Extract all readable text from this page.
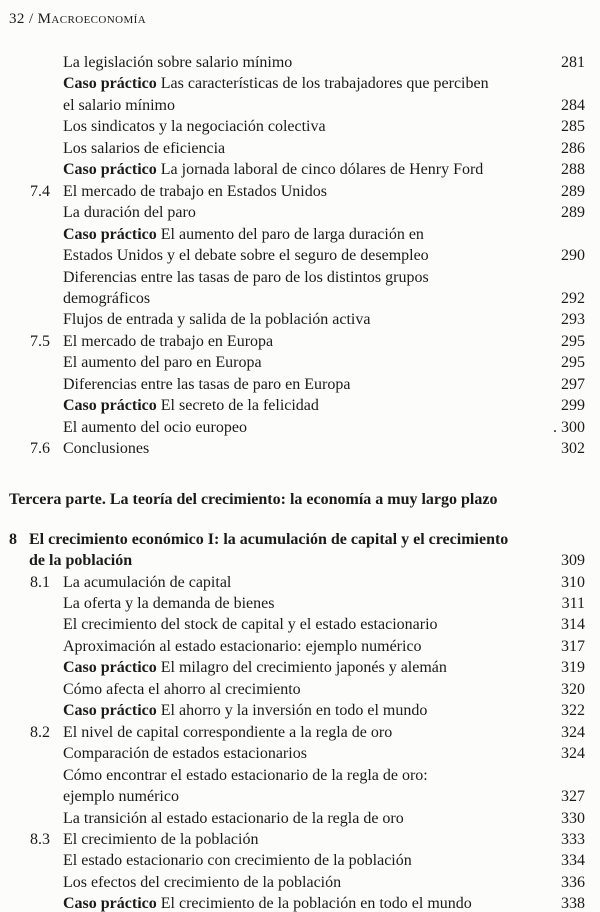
32 / Macroeconomía
La legislación sobre salario mínimo	281
Caso práctico Las características de los trabajadores que perciben
el salario mínimo	284
Los sindicatos y la negociación colectiva	285
Los salarios de eficiencia	286
Caso práctico La jornada laboral de cinco dólares de Henry Ford	288
7.4 El mercado de trabajo en Estados Unidos	289
La duración del paro	289
Caso práctico El aumento del paro de larga duración en
Estados Unidos y el debate sobre el seguro de desempleo	290
Diferencias entre las tasas de paro de los distintos grupos
demográficos	292
Flujos de entrada y salida de la población activa	293
7.5 El mercado de trabajo en Europa	295
El aumento del paro en Europa	295
Diferencias entre las tasas de paro en Europa	297
Caso práctico El secreto de la felicidad	299
El aumento del ocio europeo	. 300
7.6 Conclusiones	302
Tercera parte. La teoría del crecimiento: la economía a muy largo plazo
8 El crecimiento económico I: la acumulación de capital y el crecimiento
de la población	309
8.1 La acumulación de capital	310
La oferta y la demanda de bienes	311
El crecimiento del stock de capital y el estado estacionario	314
Aproximación al estado estacionario: ejemplo numérico	317
Caso práctico El milagro del crecimiento japonés y alemán	319
Cómo afecta el ahorro al crecimiento	320
Caso práctico El ahorro y la inversión en todo el mundo	322
8.2 El nivel de capital correspondiente a la regla de oro	324
Comparación de estados estacionarios	324
Cómo encontrar el estado estacionario de la regla de oro:
ejemplo numérico	327
La transición al estado estacionario de la regla de oro	330
8.3 El crecimiento de la población	333
El estado estacionario con crecimiento de la población	334
Los efectos del crecimiento de la población	336
Caso práctico El crecimiento de la población en todo el mundo	338
